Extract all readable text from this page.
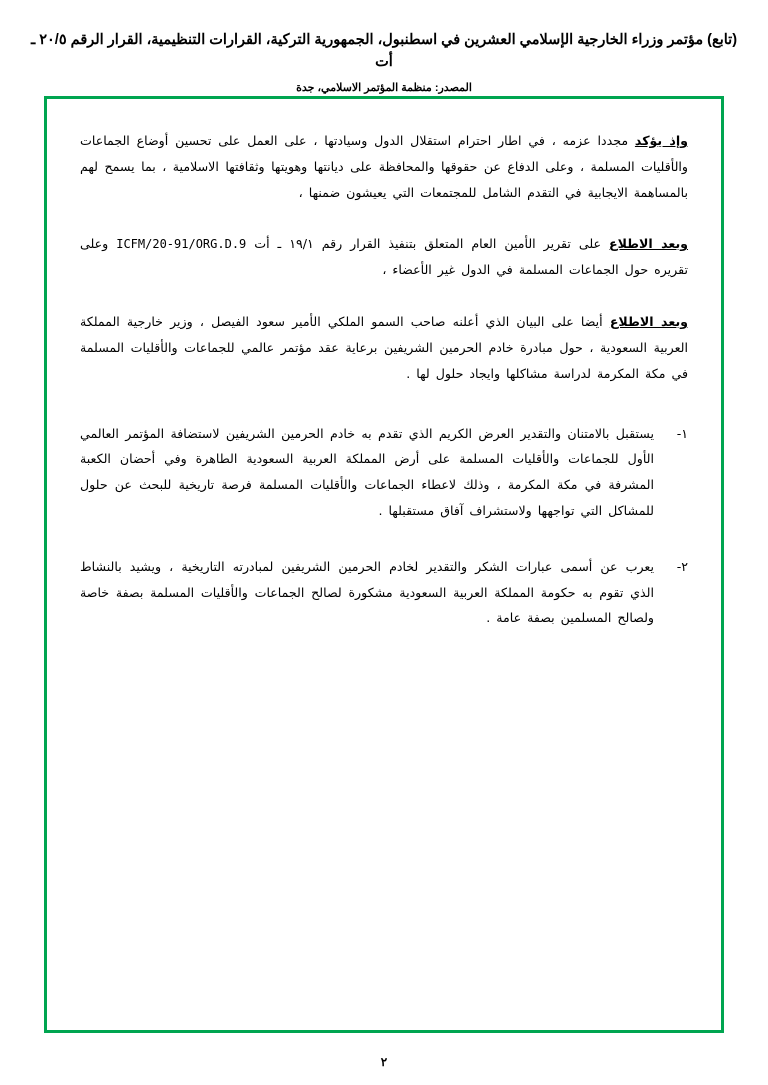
(تابع) مؤتمر وزراء الخارجية الإسلامي العشرين في اسطنبول، الجمهورية التركية، القرارات التنظيمية، القرار الرقم ٢٠/٥ ـ أت
المصدر: منظمة المؤتمر الاسلامي، جدة

وإذ يؤكد مجددا عزمه ، في اطار احترام استقلال الدول وسيادتها ، على العمل على تحسين أوضاع الجماعات والأقليات المسلمة ، وعلى الدفاع عن حقوقها والمحافظة على ديانتها وهويتها وثقافتها الاسلامية ، بما يسمح لهم بالمساهمة الايجابية في التقدم الشامل للمجتمعات التي يعيشون ضمنها ،

وبعد الاطلاع على تقرير الأمين العام المتعلق بتنفيذ القرار رقم ١٩/١ ـ أت ICFM/20-91/ORG.D.9 وعلى تقريره حول الجماعات المسلمة في الدول غير الأعضاء ،

وبعد الاطلاع أيضا على البيان الذي أعلنه صاحب السمو الملكي الأمير سعود الفيصل ، وزير خارجية المملكة العربية السعودية ، حول مبادرة خادم الحرمين الشريفين برعاية عقد مؤتمر عالمي للجماعات والأقليات المسلمة في مكة المكرمة لدراسة مشاكلها وايجاد حلول لها .

١-
يستقبل بالامتنان والتقدير العرض الكريم الذي تقدم به خادم الحرمين الشريفين لاستضافة المؤتمر العالمي الأول للجماعات والأقليات المسلمة على أرض المملكة العربية السعودية الطاهرة وفي أحضان الكعبة المشرفة في مكة المكرمة ، وذلك لاعطاء الجماعات والأقليات المسلمة فرصة تاريخية للبحث عن حلول للمشاكل التي تواجهها ولاستشراف آفاق مستقبلها .
٢-
يعرب عن أسمى عبارات الشكر والتقدير لخادم الحرمين الشريفين لمبادرته التاريخية ، ويشيد بالنشاط الذي تقوم به حكومة المملكة العربية السعودية مشكورة لصالح الجماعات والأقليات المسلمة بصفة خاصة ولصالح المسلمين بصفة عامة .
٢
